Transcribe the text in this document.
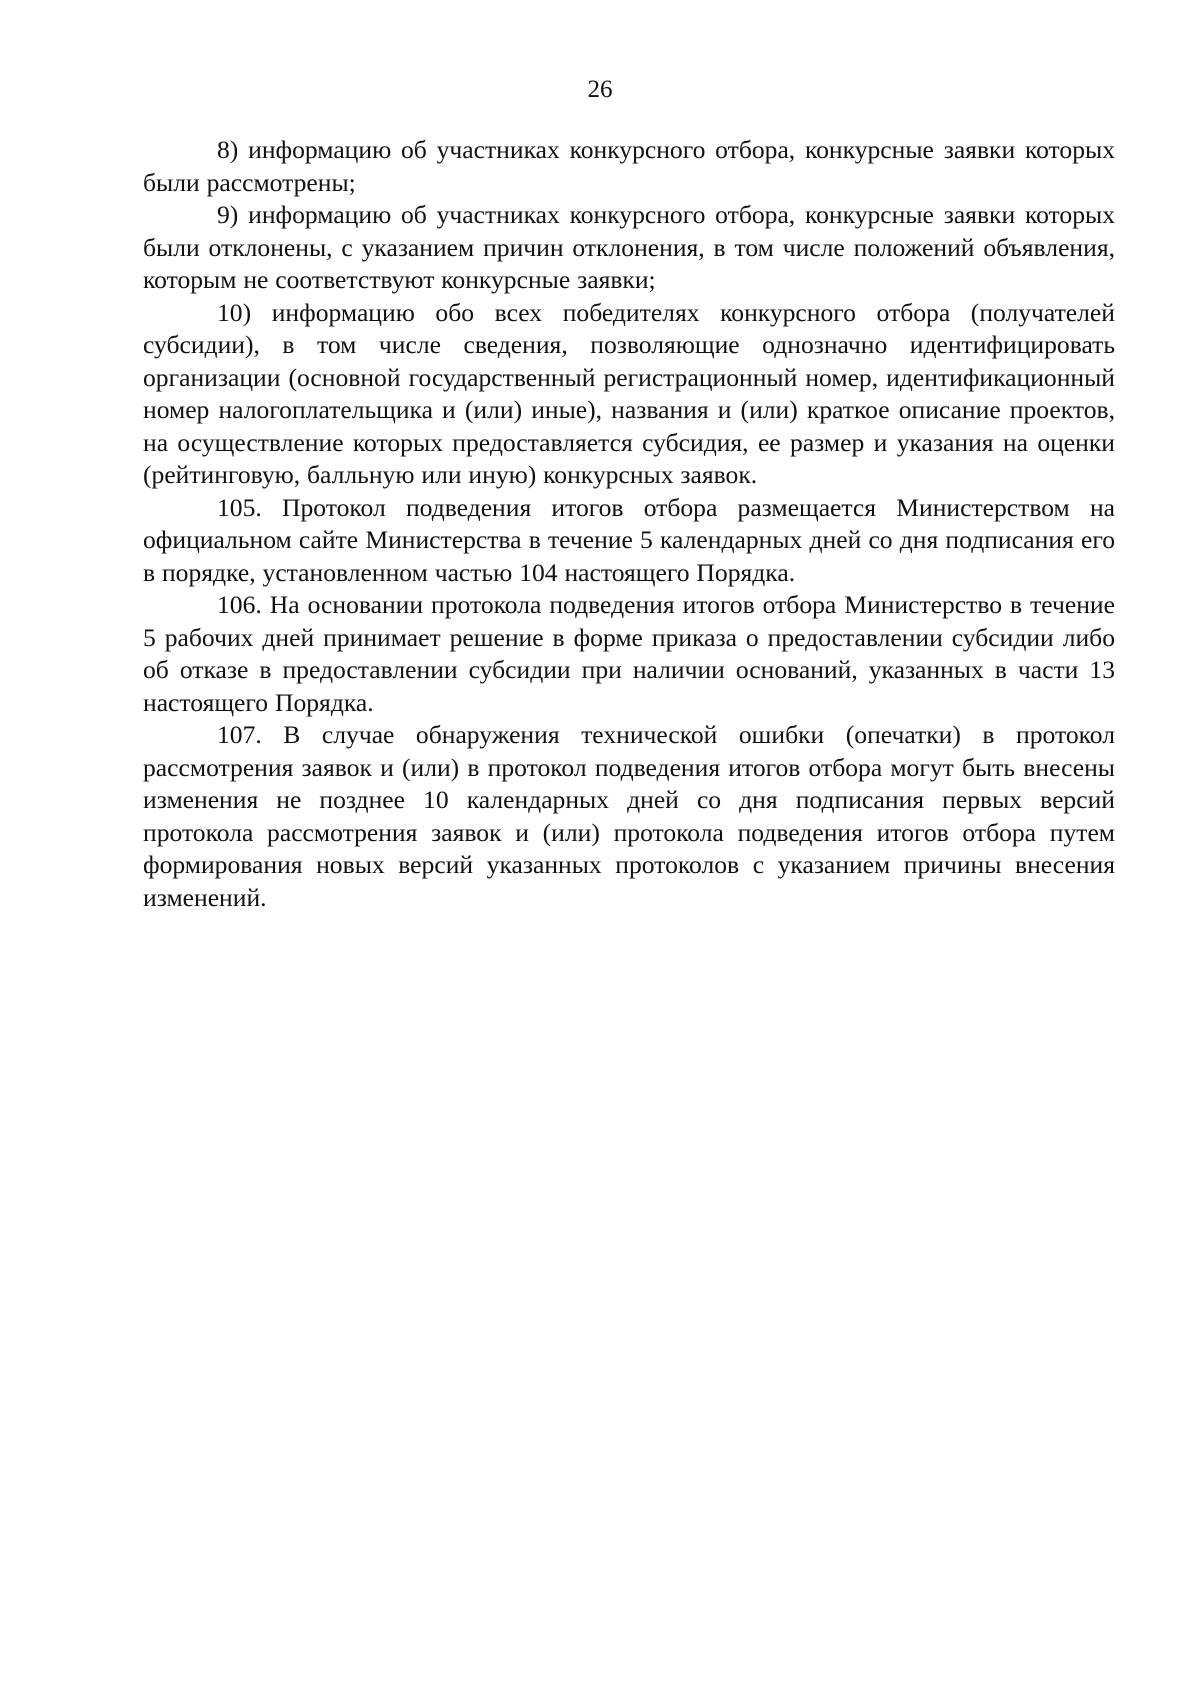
26

8) информацию об участниках конкурсного отбора, конкурсные заявки которых были рассмотрены;

9) информацию об участниках конкурсного отбора, конкурсные заявки которых были отклонены, с указанием причин отклонения, в том числе положений объявления, которым не соответствуют конкурсные заявки;

10) информацию обо всех победителях конкурсного отбора (получателей субсидии), в том числе сведения, позволяющие однозначно идентифицировать организации (основной государственный регистрационный номер, идентификационный номер налогоплательщика и (или) иные), названия и (или) краткое описание проектов, на осуществление которых предоставляется субсидия, ее размер и указания на оценки (рейтинговую, балльную или иную) конкурсных заявок.

105. Протокол подведения итогов отбора размещается Министерством на официальном сайте Министерства в течение 5 календарных дней со дня подписания его в порядке, установленном частью 104 настоящего Порядка.

106. На основании протокола подведения итогов отбора Министерство в течение 5 рабочих дней принимает решение в форме приказа о предоставлении субсидии либо об отказе в предоставлении субсидии при наличии оснований, указанных в части 13 настоящего Порядка.

107. В случае обнаружения технической ошибки (опечатки) в протокол рассмотрения заявок и (или) в протокол подведения итогов отбора могут быть внесены изменения не позднее 10 календарных дней со дня подписания первых версий протокола рассмотрения заявок и (или) протокола подведения итогов отбора путем формирования новых версий указанных протоколов с указанием причины внесения изменений.
